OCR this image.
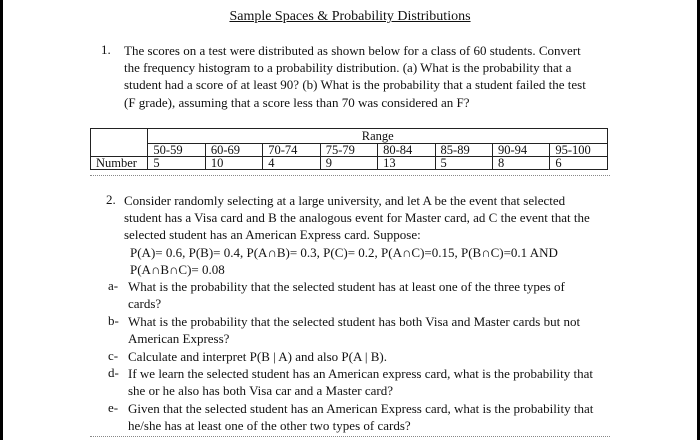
Sample Spaces & Probability Distributions
1. The scores on a test were distributed as shown below for a class of 60 students. Convert
the frequency histogram to a probability distribution. (a) What is the probability that a
student had a score of at least 90? (b) What is the probability that a student failed the test
(F grade), assuming that a score less than 70 was considered an F?
	Range							
	50-59	60-69	70-74	75-79	80-84	85-89	90-94	95-100
Number	5	10	4	9	13	5	8	6
2. Consider randomly selecting at a large university, and let A be the event that selected
student has a Visa card and B the analogous event for Master card, ad C the event that the
selected student has an American Express card. Suppose:
P(A)= 0.6, P(B)= 0.4, P(A∩B)= 0.3, P(C)= 0.2, P(A∩C)=0.15, P(B∩C)=0.1 AND
P(A∩B∩C)= 0.08
a- What is the probability that the selected student has at least one of the three types of
cards?
b- What is the probability that the selected student has both Visa and Master cards but not
American Express?
c- Calculate and interpret P(B | A) and also P(A | B).
d- If we learn the selected student has an American express card, what is the probability that
she or he also has both Visa car and a Master card?
e- Given that the selected student has an American Express card, what is the probability that
he/she has at least one of the other two types of cards?
